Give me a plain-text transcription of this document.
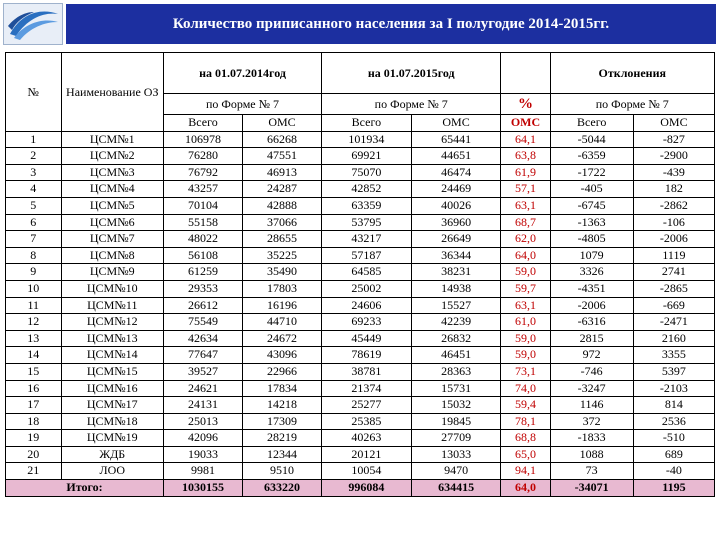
Количество приписанного населения за I полугодие 2014-2015гг.
№	Наименование ОЗ	на 01.07.2014год		на 01.07.2015год			Отклонения	
		по Форме № 7		по Форме № 7		%	по Форме № 7	
		Всего	ОМС	Всего	ОМС	ОМС	Всего	ОМС
1	ЦСМ№1	106978	66268	101934	65441	64,1	-5044	-827
2	ЦСМ№2	76280	47551	69921	44651	63,8	-6359	-2900
3	ЦСМ№3	76792	46913	75070	46474	61,9	-1722	-439
4	ЦСМ№4	43257	24287	42852	24469	57,1	-405	182
5	ЦСМ№5	70104	42888	63359	40026	63,1	-6745	-2862
6	ЦСМ№6	55158	37066	53795	36960	68,7	-1363	-106
7	ЦСМ№7	48022	28655	43217	26649	62,0	-4805	-2006
8	ЦСМ№8	56108	35225	57187	36344	64,0	1079	1119
9	ЦСМ№9	61259	35490	64585	38231	59,0	3326	2741
10	ЦСМ№10	29353	17803	25002	14938	59,7	-4351	-2865
11	ЦСМ№11	26612	16196	24606	15527	63,1	-2006	-669
12	ЦСМ№12	75549	44710	69233	42239	61,0	-6316	-2471
13	ЦСМ№13	42634	24672	45449	26832	59,0	2815	2160
14	ЦСМ№14	77647	43096	78619	46451	59,0	972	3355
15	ЦСМ№15	39527	22966	38781	28363	73,1	-746	5397
16	ЦСМ№16	24621	17834	21374	15731	74,0	-3247	-2103
17	ЦСМ№17	24131	14218	25277	15032	59,4	1146	814
18	ЦСМ№18	25013	17309	25385	19845	78,1	372	2536
19	ЦСМ№19	42096	28219	40263	27709	68,8	-1833	-510
20	ЖДБ	19033	12344	20121	13033	65,0	1088	689
21	ЛОО	9981	9510	10054	9470	94,1	73	-40
Итого:		1030155	633220	996084	634415	64,0	-34071	1195
